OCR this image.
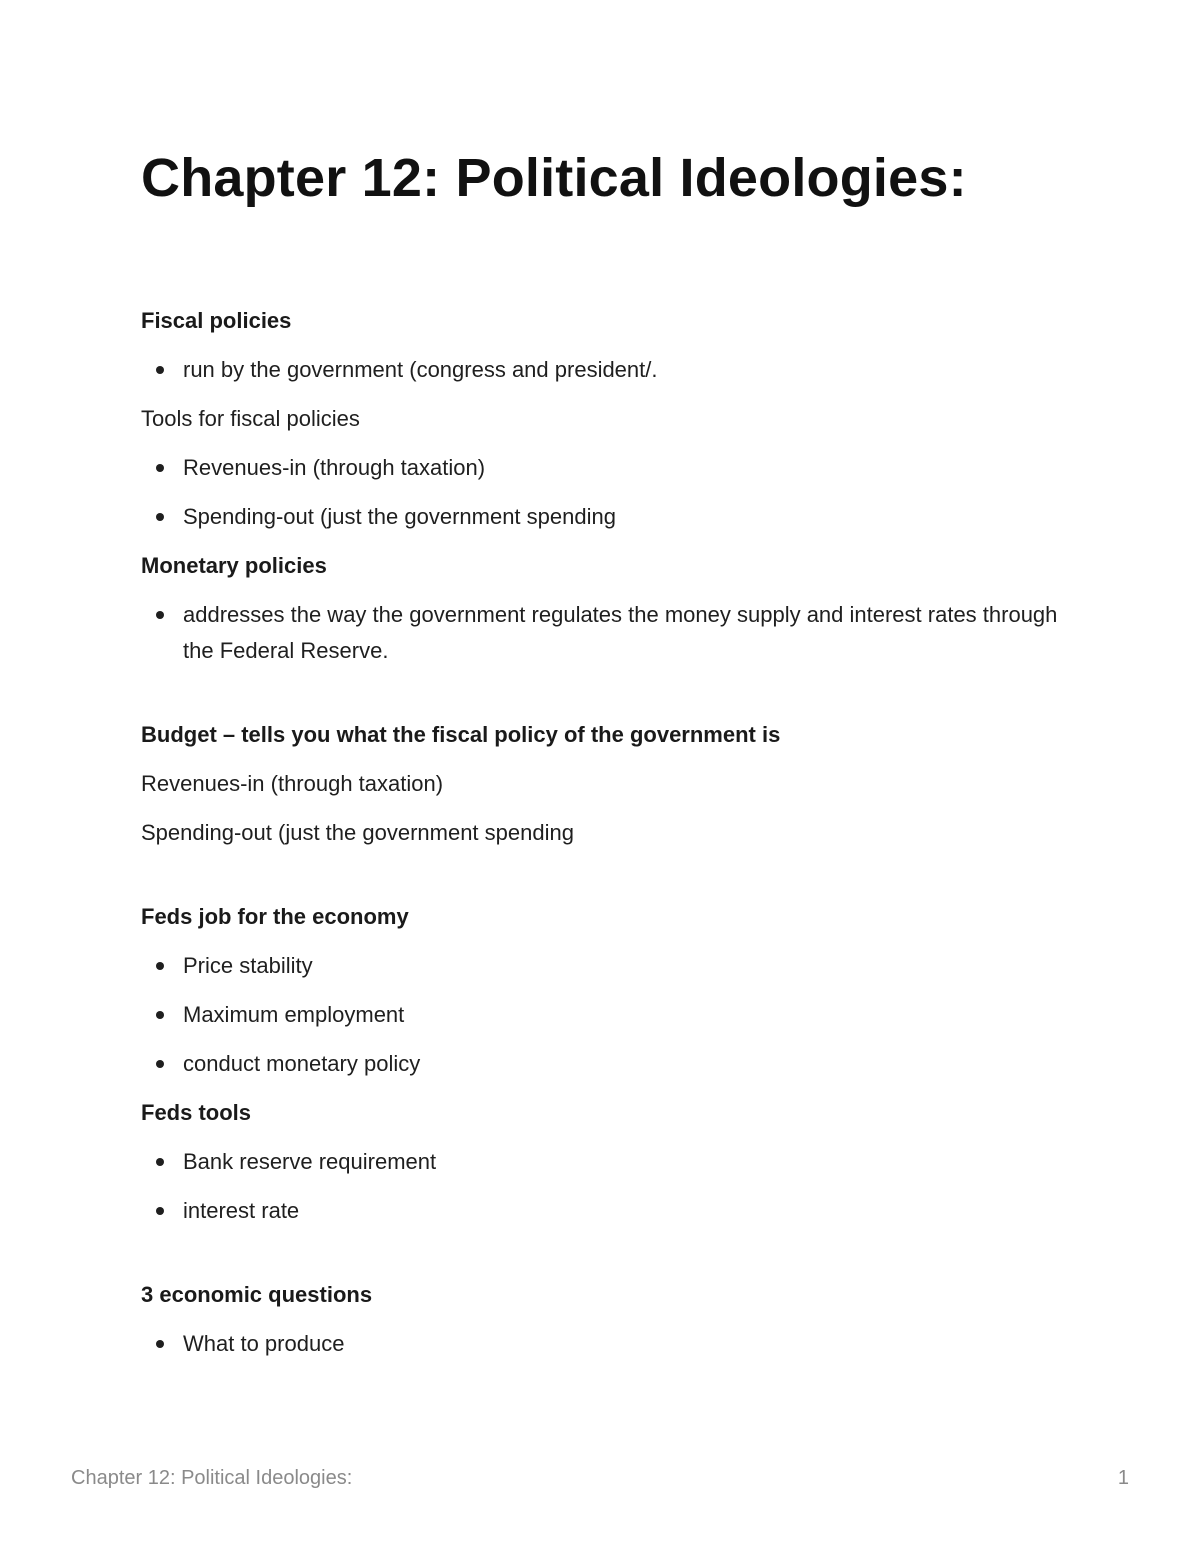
Chapter 12: Political Ideologies:
Fiscal policies
run by the government (congress and president/.
Tools for fiscal policies
Revenues-in (through taxation)
Spending-out (just the government spending
Monetary policies
addresses the way the government regulates the money supply and interest rates through the Federal Reserve.
Budget – tells you what the fiscal policy of the government is
Revenues-in (through taxation)
Spending-out (just the government spending
Feds job for the economy
Price stability
Maximum employment
conduct monetary policy
Feds tools
Bank reserve requirement
interest rate
3 economic questions
What to produce
Chapter 12: Political Ideologies:	1
